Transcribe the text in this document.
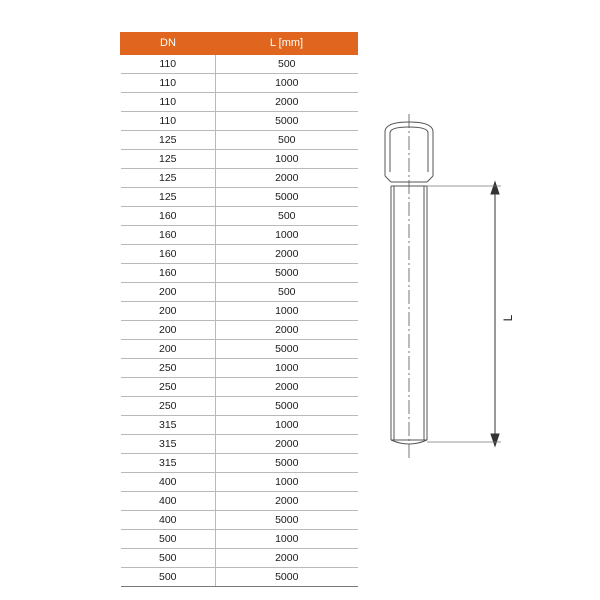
DN	L [mm]
110	500
110	1000
110	2000
110	5000
125	500
125	1000
125	2000
125	5000
160	500
160	1000
160	2000
160	5000
200	500
200	1000
200	2000
200	5000
250	1000
250	2000
250	5000
315	1000
315	2000
315	5000
400	1000
400	2000
400	5000
500	1000
500	2000
500	5000
L
